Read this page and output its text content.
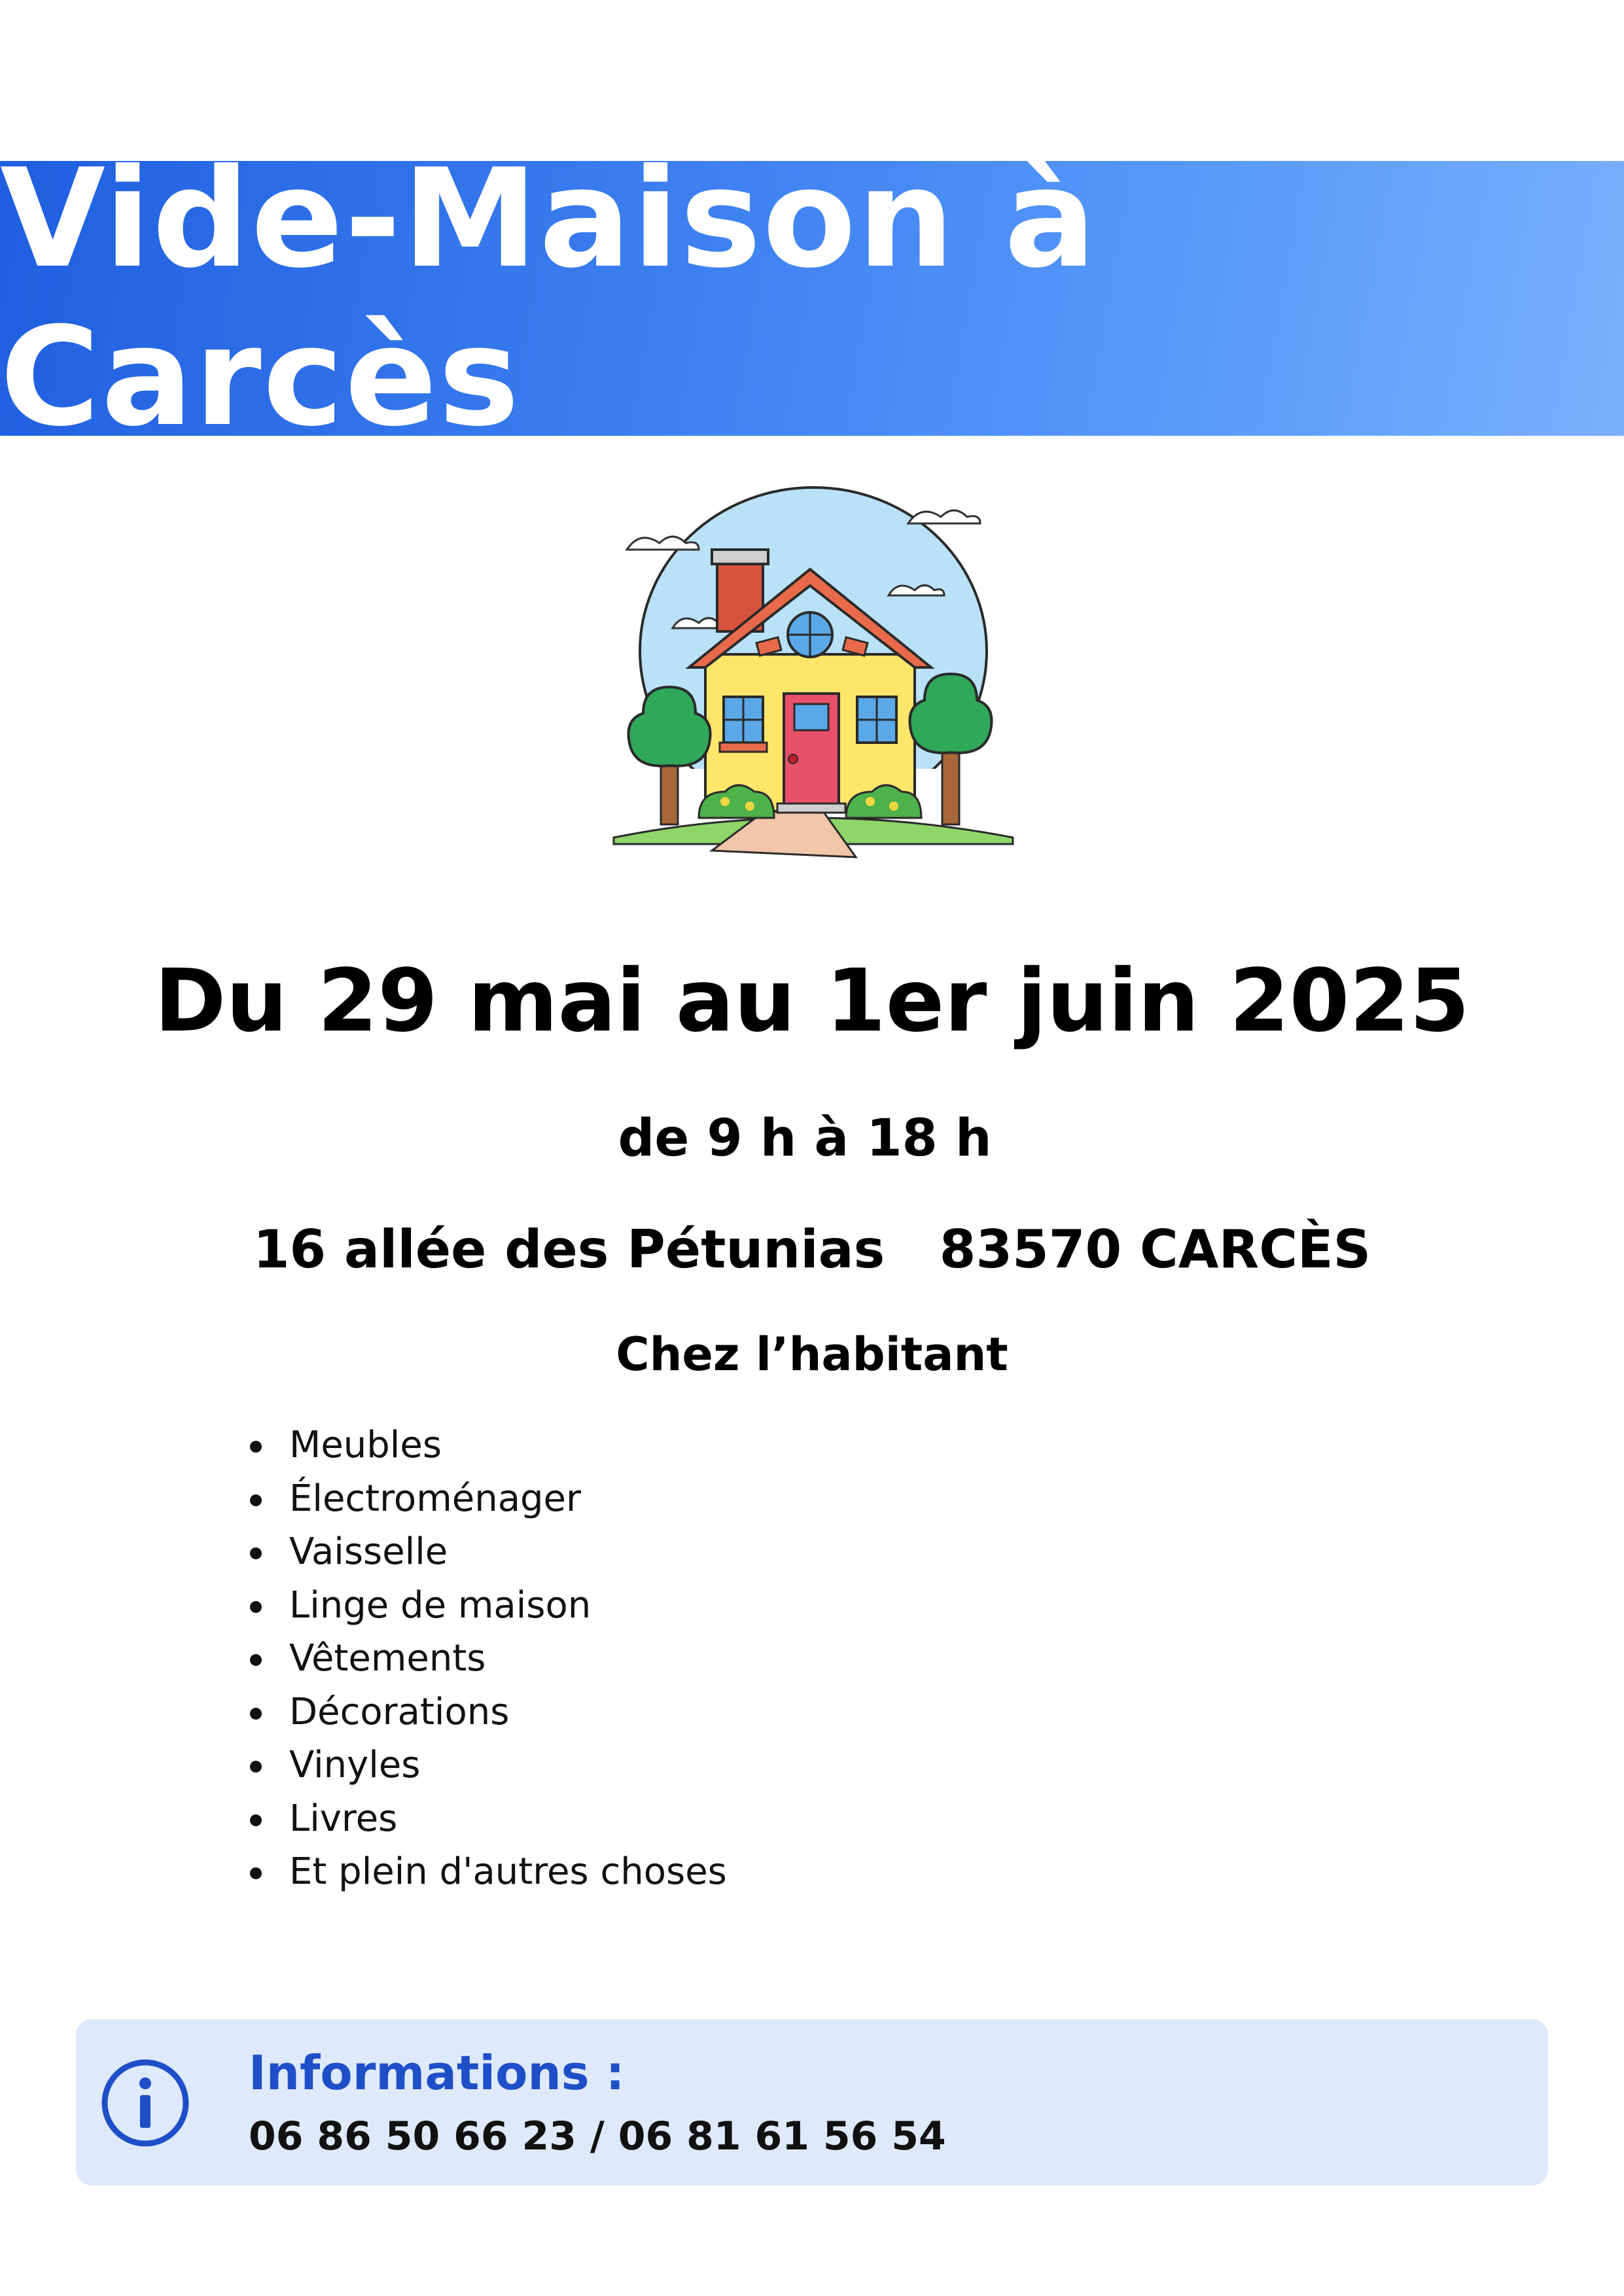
Vide-Maison à Carcès
Du 29 mai au 1er juin 2025
de 9 h à 18 h
16 allée des Pétunias   83570 CARCÈS
Chez l’habitant
Meubles
Électroménager
Vaisselle
Linge de maison
Vêtements
Décorations
Vinyles
Livres
Et plein d'autres choses
Informations :
06 86 50 66 23 / 06 81 61 56 54
